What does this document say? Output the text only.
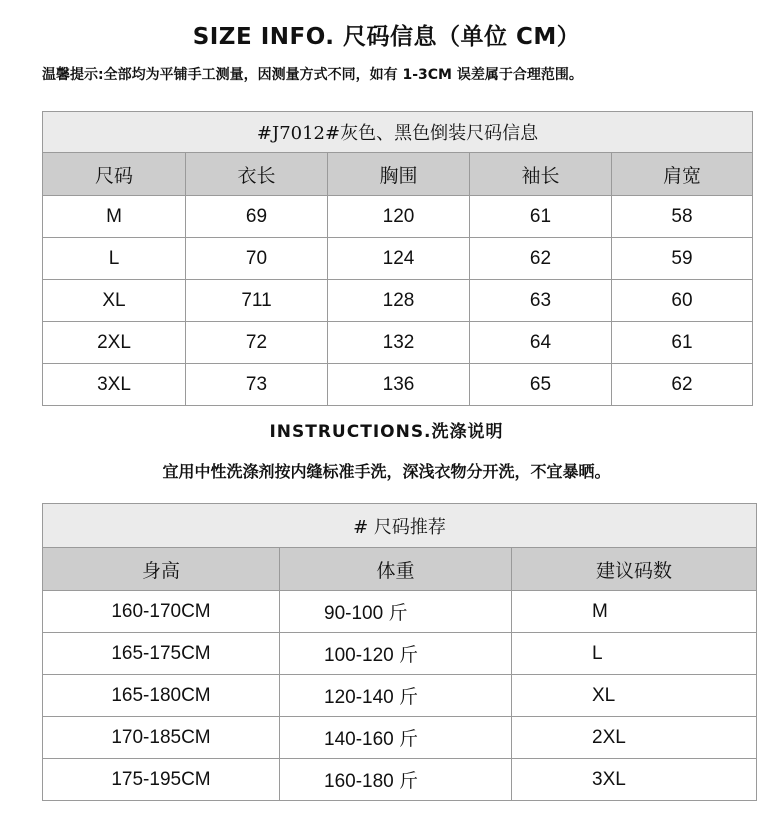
SIZE INFO. 尺码信息（单位 CM）
温馨提示:全部均为平铺手工测量，因测量方式不同，如有 1-3CM 误差属于合理范围。
#J7012#灰色、黑色倒装尺码信息				
尺码	衣长	胸围	袖长	肩宽
M	69	120	61	58
L	70	124	62	59
XL	711	128	63	60
2XL	72	132	64	61
3XL	73	136	65	62
INSTRUCTIONS.洗涤说明
宜用中性洗涤剂按内缝标准手洗，深浅衣物分开洗，不宜暴晒。
# 尺码推荐		
身高	体重	建议码数
160-170CM	90-100 斤	M
165-175CM	100-120 斤	L
165-180CM	120-140 斤	XL
170-185CM	140-160 斤	2XL
175-195CM	160-180 斤	3XL
